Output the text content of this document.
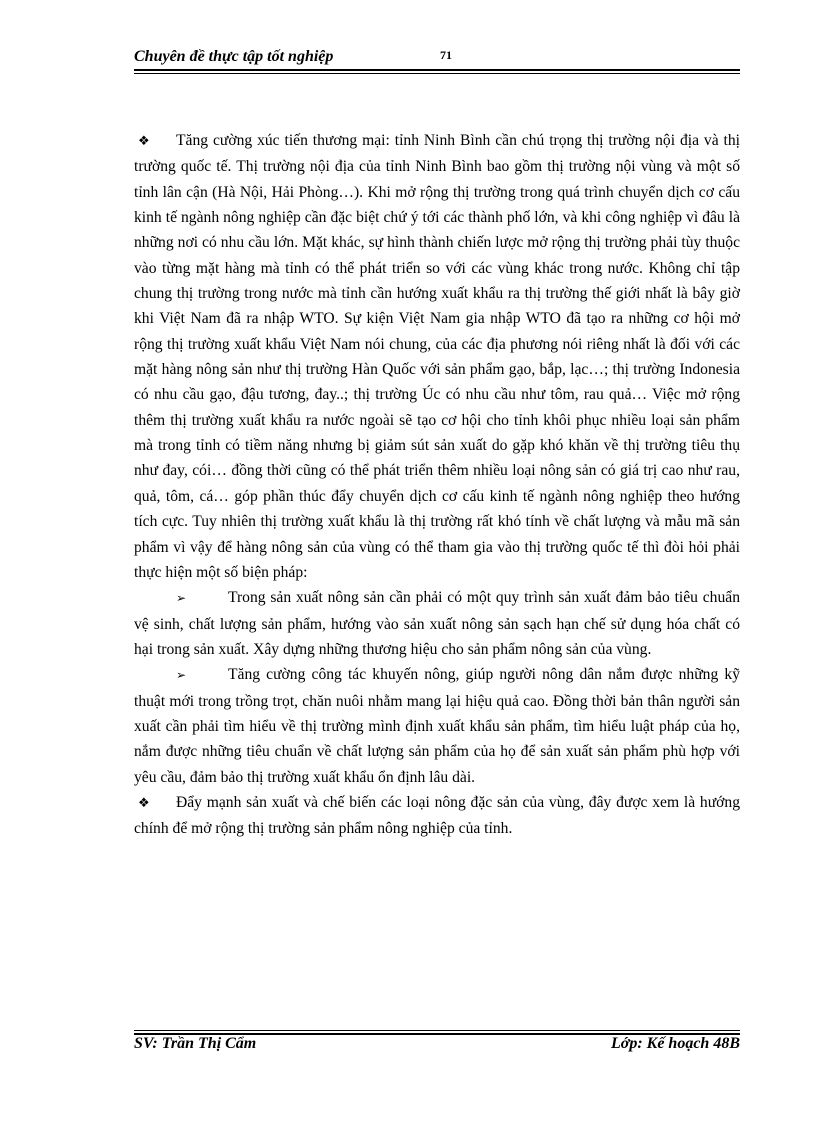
Chuyên đề thực tập tốt nghiệp	71

❖ Tăng cường xúc tiến thương mại: tỉnh Ninh Bình cần chú trọng thị trường nội địa và thị trường quốc tế. Thị trường nội địa của tỉnh Ninh Bình bao gồm thị trường nội vùng và một số tỉnh lân cận (Hà Nội, Hải Phòng…). Khi mở rộng thị trường trong quá trình chuyển dịch cơ cấu kinh tế ngành nông nghiệp cần đặc biệt chứ ý tới các thành phố lớn, và khi công nghiệp vì đâu là những nơi có nhu cầu lớn. Mặt khác, sự hình thành chiến lược mở rộng thị trường phải tùy thuộc vào từng mặt hàng mà tỉnh có thể phát triển so với các vùng khác trong nước. Không chỉ tập chung thị trường trong nước mà tỉnh cần hướng xuất khẩu ra thị trường thế giới nhất là bây giờ khi Việt Nam đã ra nhập WTO. Sự kiện Việt Nam gia nhập WTO đã tạo ra những cơ hội mở rộng thị trường xuất khẩu Việt Nam nói chung, của các địa phương nói riêng nhất là đối với các mặt hàng nông sản như thị trường Hàn Quốc với sản phẩm gạo, bắp, lạc…; thị trường Indonesia có nhu cầu gạo, đậu tương, đay..; thị trường Úc có nhu cầu như tôm, rau quả… Việc mở rộng thêm thị trường xuất khẩu ra nước ngoài sẽ tạo cơ hội cho tỉnh khôi phục nhiều loại sản phẩm mà trong tỉnh có tiềm năng nhưng bị giảm sút sản xuất do gặp khó khăn về thị trường tiêu thụ như đay, cói… đồng thời cũng có thể phát triển thêm nhiều loại nông sản có giá trị cao như rau, quả, tôm, cá… góp phần thúc đẩy chuyển dịch cơ cấu kinh tế ngành nông nghiệp theo hướng tích cực. Tuy nhiên thị trường xuất khẩu là thị trường rất khó tính về chất lượng và mẫu mã sản phẩm vì vậy để hàng nông sản của vùng có thể tham gia vào thị trường quốc tế thì đòi hỏi phải thực hiện một số biện pháp:

➢	Trong sản xuất nông sản cần phải có một quy trình sản xuất đảm bảo tiêu chuẩn vệ sinh, chất lượng sản phẩm, hướng vào sản xuất nông sản sạch hạn chế sử dụng hóa chất có hại trong sản xuất. Xây dựng những thương hiệu cho sản phẩm nông sản của vùng.

➢	Tăng cường công tác khuyến nông, giúp người nông dân nắm được những kỹ thuật mới trong trồng trọt, chăn nuôi nhằm mang lại hiệu quả cao. Đồng thời bản thân người sản xuất cần phải tìm hiểu về thị trường mình định xuất khẩu sản phẩm, tìm hiểu luật pháp của họ, nắm được những tiêu chuẩn về chất lượng sản phẩm của họ để sản xuất sản phẩm phù hợp với yêu cầu, đảm bảo thị trường xuất khẩu ổn định lâu dài.

❖ Đẩy mạnh sản xuất và chế biến các loại nông đặc sản của vùng, đây được xem là hướng chính để mở rộng thị trường sản phẩm nông nghiệp của tỉnh.

SV: Trần Thị Cẩm	Lớp: Kế hoạch 48B
